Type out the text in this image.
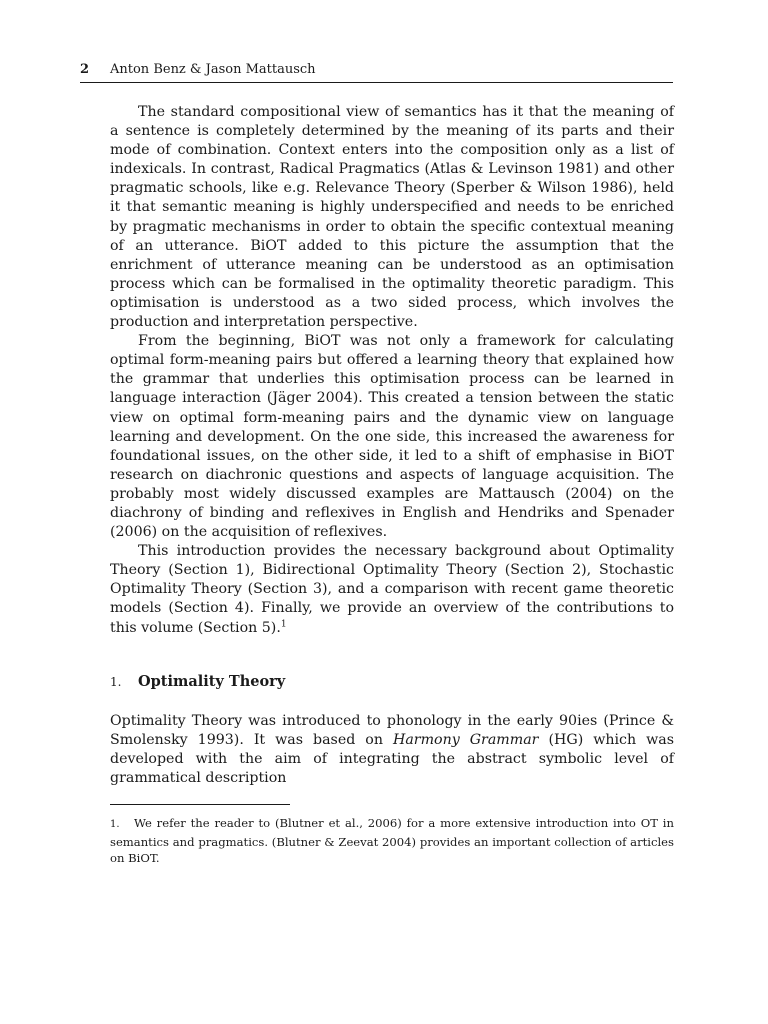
2 Anton Benz & Jason Mattausch

The standard compositional view of semantics has it that the meaning of a sentence is completely determined by the meaning of its parts and their mode of combination. Context enters into the composition only as a list of indexicals. In contrast, Radical Pragmatics (Atlas & Levinson 1981) and other pragmatic schools, like e.g. Relevance Theory (Sperber & Wilson 1986), held it that semantic meaning is highly underspecified and needs to be enriched by pragmatic mechanisms in order to obtain the specific contextual meaning of an utterance. BiOT added to this picture the assumption that the enrichment of utterance meaning can be understood as an optimisation process which can be formalised in the optimality theoretic paradigm. This optimisation is understood as a two sided process, which involves the production and interpretation perspective.

From the beginning, BiOT was not only a framework for calculating optimal form-meaning pairs but offered a learning theory that explained how the grammar that underlies this optimisation process can be learned in language interaction (Jäger 2004). This created a tension between the static view on optimal form-meaning pairs and the dynamic view on language learning and development. On the one side, this increased the awareness for foundational issues, on the other side, it led to a shift of emphasise in BiOT research on diachronic questions and aspects of language acquisition. The probably most widely discussed examples are Mattausch (2004) on the diachrony of binding and reflexives in English and Hendriks and Spenader (2006) on the acquisition of reflexives.

This introduction provides the necessary background about Optimality Theory (Section 1), Bidirectional Optimality Theory (Section 2), Stochastic Optimality Theory (Section 3), and a comparison with recent game theoretic models (Section 4). Finally, we provide an overview of the contributions to this volume (Section 5).$^1$

1. Optimality Theory

Optimality Theory was introduced to phonology in the early 90ies (Prince & Smolensky 1993). It was based on Harmony Grammar (HG) which was developed with the aim of integrating the abstract symbolic level of grammatical description

1. We refer the reader to (Blutner et al., 2006) for a more extensive introduction into OT in semantics and pragmatics. (Blutner & Zeevat 2004) provides an important collection of articles on BiOT.
